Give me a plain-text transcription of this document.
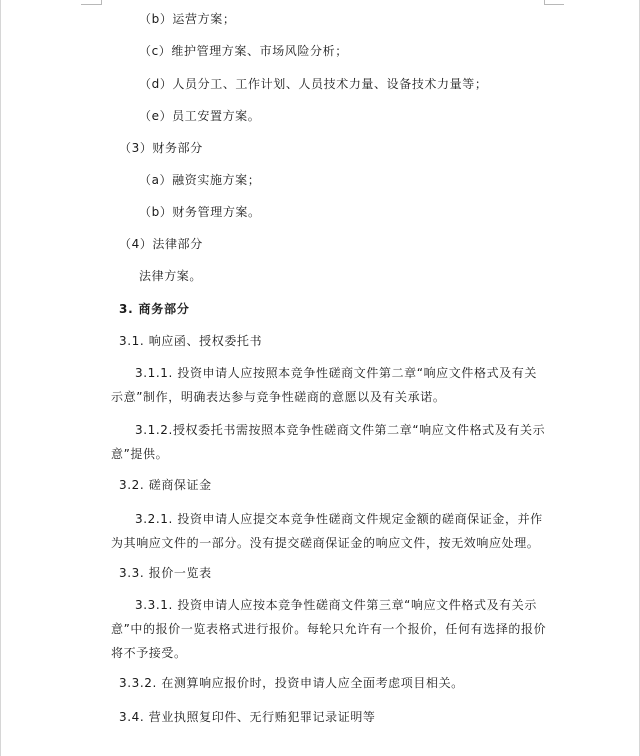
（b）运营方案；
（c）维护管理方案、市场风险分析；
（d）人员分工、工作计划、人员技术力量、设备技术力量等；
（e）员工安置方案。
（3）财务部分
（a）融资实施方案；
（b）财务管理方案。
（4）法律部分
法律方案。
3. 商务部分
3.1. 响应函、授权委托书
3.1.1. 投资申请人应按照本竞争性磋商文件第二章“响应文件格式及有关示意”制作，明确表达参与竞争性磋商的意愿以及有关承诺。
3.1.2.授权委托书需按照本竞争性磋商文件第二章“响应文件格式及有关示意”提供。
3.2. 磋商保证金
3.2.1. 投资申请人应提交本竞争性磋商文件规定金额的磋商保证金，并作为其响应文件的一部分。没有提交磋商保证金的响应文件，按无效响应处理。
3.3. 报价一览表
3.3.1. 投资申请人应按本竞争性磋商文件第三章“响应文件格式及有关示意”中的报价一览表格式进行报价。每轮只允许有一个报价，任何有选择的报价将不予接受。
3.3.2. 在测算响应报价时，投资申请人应全面考虑项目相关。
3.4. 营业执照复印件、无行贿犯罪记录证明等
